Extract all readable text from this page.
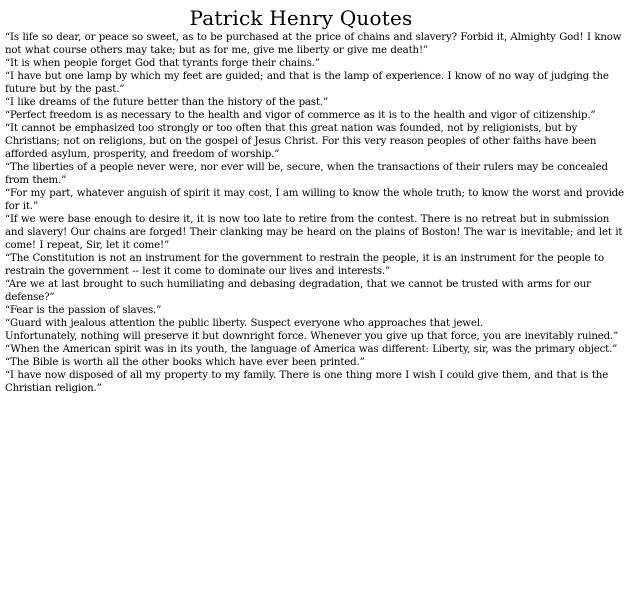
Patrick Henry Quotes
“Is life so dear, or peace so sweet, as to be purchased at the price of chains and slavery? Forbid it, Almighty God! I know not what course others may take; but as for me, give me liberty or give me death!”
“It is when people forget God that tyrants forge their chains.”
“I have but one lamp by which my feet are guided; and that is the lamp of experience. I know of no way of judging the future but by the past.”
“I like dreams of the future better than the history of the past.”
“Perfect freedom is as necessary to the health and vigor of commerce as it is to the health and vigor of citizenship.”
“It cannot be emphasized too strongly or too often that this great nation was founded, not by religionists, but by Christians; not on religions, but on the gospel of Jesus Christ. For this very reason peoples of other faiths have been afforded asylum, prosperity, and freedom of worship.”
“The liberties of a people never were, nor ever will be, secure, when the transactions of their rulers may be concealed from them.”
“For my part, whatever anguish of spirit it may cost, I am willing to know the whole truth; to know the worst and provide for it.”
“If we were base enough to desire it, it is now too late to retire from the contest. There is no retreat but in submission and slavery! Our chains are forged! Their clanking may be heard on the plains of Boston! The war is inevitable; and let it come! I repeat, Sir, let it come!”
“The Constitution is not an instrument for the government to restrain the people, it is an instrument for the people to restrain the government -- lest it come to dominate our lives and interests.”
“Are we at last brought to such humiliating and debasing degradation, that we cannot be trusted with arms for our defense?”
“Fear is the passion of slaves.”
“Guard with jealous attention the public liberty. Suspect everyone who approaches that jewel.
Unfortunately, nothing will preserve it but downright force. Whenever you give up that force, you are inevitably ruined.”
“When the American spirit was in its youth, the language of America was different: Liberty, sir, was the primary object.”
“The Bible is worth all the other books which have ever been printed.”
“I have now disposed of all my property to my family. There is one thing more I wish I could give them, and that is the Christian religion.”
